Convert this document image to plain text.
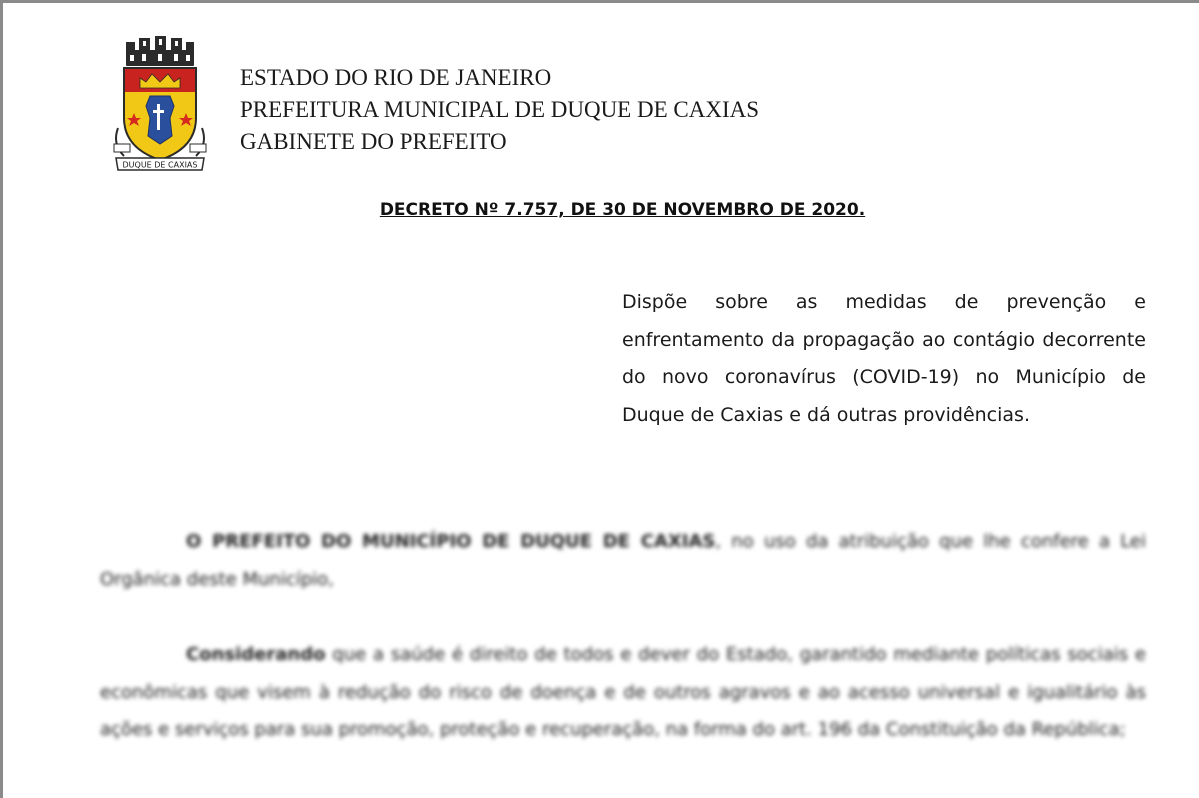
DUQUE DE CAXIAS
ESTADO DO RIO DE JANEIRO
PREFEITURA MUNICIPAL DE DUQUE DE CAXIAS
GABINETE DO PREFEITO
DECRETO Nº 7.757, DE 30 DE NOVEMBRO DE 2020.
Dispõe sobre as medidas de prevenção e enfrentamento da propagação ao contágio decorrente do novo coronavírus (COVID-19) no Município de Duque de Caxias e dá outras providências.
O PREFEITO DO MUNICÍPIO DE DUQUE DE CAXIAS, no uso da atribuição que lhe confere a Lei Orgânica deste Município,
Considerando que a saúde é direito de todos e dever do Estado, garantido mediante políticas sociais e econômicas que visem à redução do risco de doença e de outros agravos e ao acesso universal e igualitário às ações e serviços para sua promoção, proteção e recuperação, na forma do art. 196 da Constituição da República;
